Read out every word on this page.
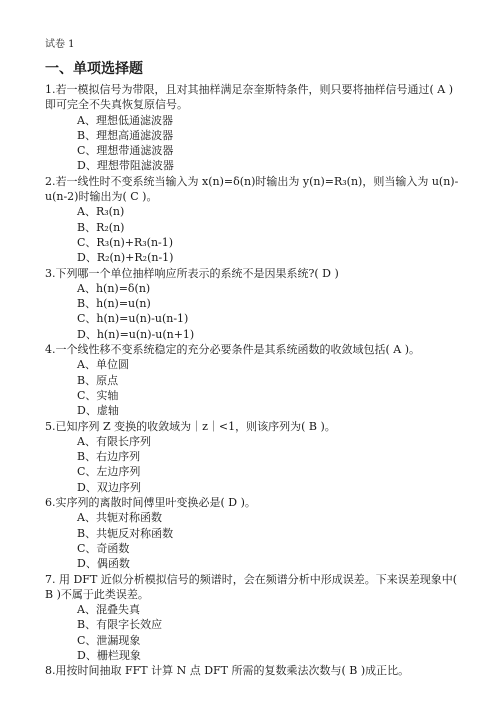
试卷 1
一、单项选择题

1.若一模拟信号为带限，且对其抽样满足奈奎斯特条件，则只要将抽样信号通过( A )即可完全不失真恢复原信号。

A、理想低通滤波器
B、理想高通滤波器
C、理想带通滤波器
D、理想带阻滤波器

2.若一线性时不变系统当输入为 x(n)=δ(n)时输出为 y(n)=R₃(n)，则当输入为 u(n)-u(n-2)时输出为( C )。

A、R₃(n)
B、R₂(n)
C、R₃(n)+R₃(n-1)
D、R₂(n)+R₂(n-1)

3.下列哪一个单位抽样响应所表示的系统不是因果系统?( D )

A、h(n)=δ(n)
B、h(n)=u(n)
C、h(n)=u(n)-u(n-1)
D、h(n)=u(n)-u(n+1)

4.一个线性移不变系统稳定的充分必要条件是其系统函数的收敛域包括( A )。

A、单位圆
B、原点
C、实轴
D、虚轴

5.已知序列 Z 变换的收敛域为｜z｜<1，则该序列为( B )。

A、有限长序列
B、右边序列
C、左边序列
D、双边序列

6.实序列的离散时间傅里叶变换必是( D )。

A、共轭对称函数
B、共轭反对称函数
C、奇函数
D、偶函数

7. 用 DFT 近似分析模拟信号的频谱时，会在频谱分析中形成误差。下来误差现象中( B )不属于此类误差。

A、混叠失真
B、有限字长效应
C、泄漏现象
D、栅栏现象

8.用按时间抽取 FFT 计算 N 点 DFT 所需的复数乘法次数与( B )成正比。
